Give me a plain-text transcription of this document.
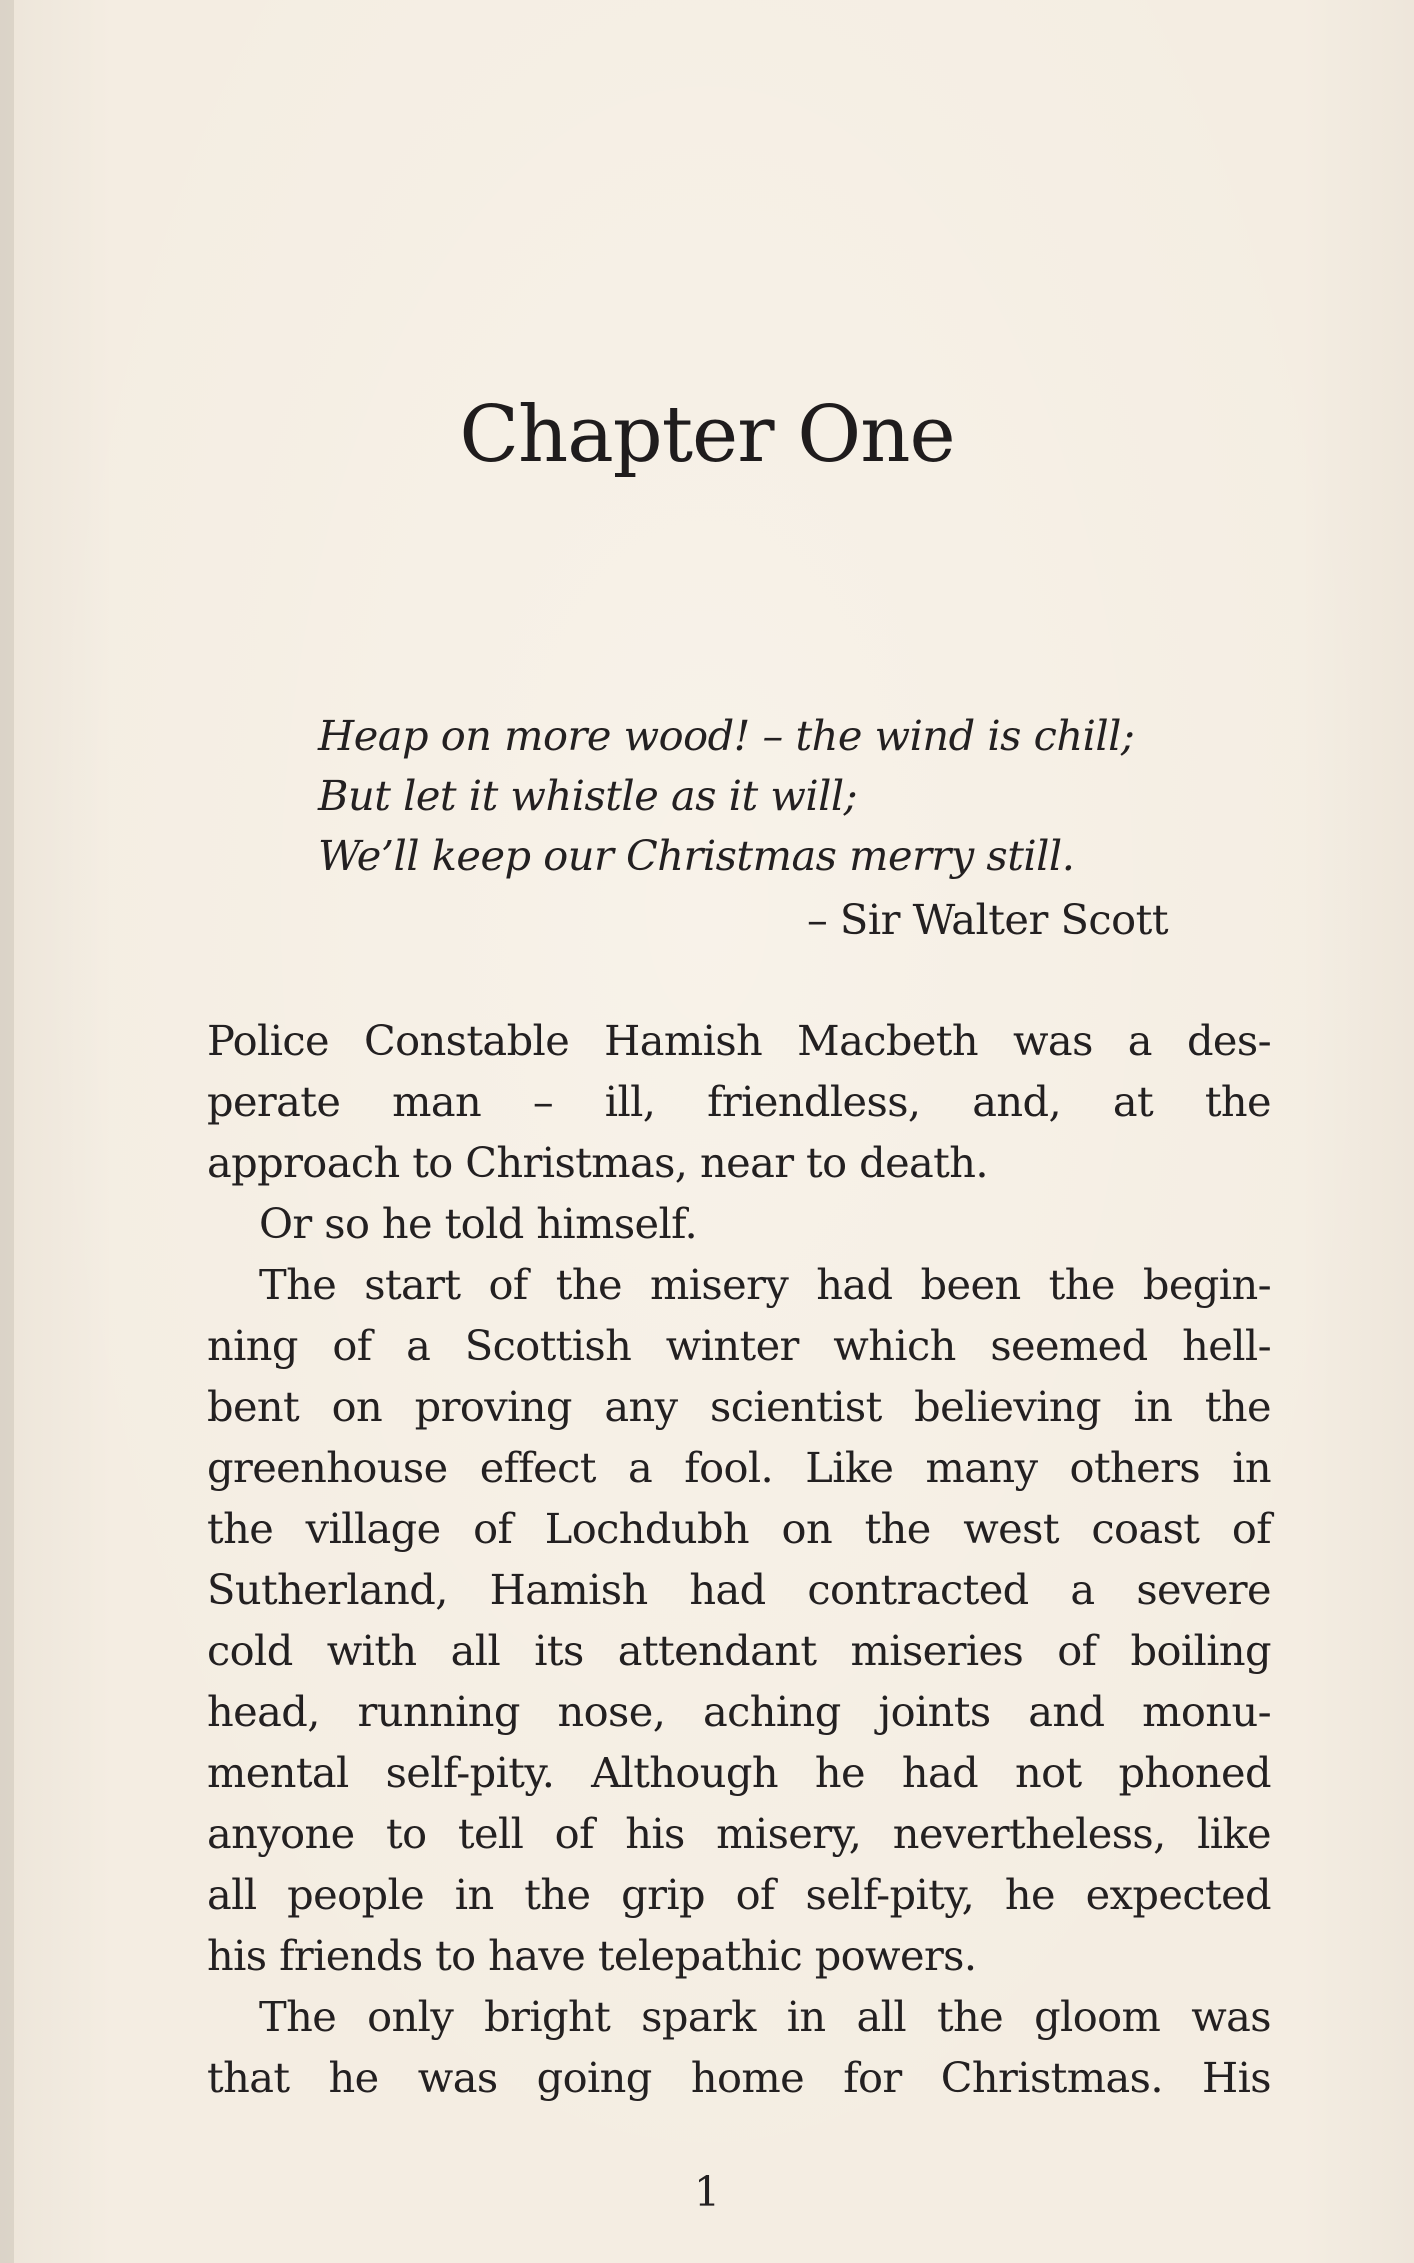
Chapter One
Heap on more wood! – the wind is chill;
But let it whistle as it will;
We’ll keep our Christmas merry still.
– Sir Walter Scott
Police Constable Hamish Macbeth was a des-
perate man – ill, friendless, and, at the
approach to Christmas, near to death.
Or so he told himself.
The start of the misery had been the begin-
ning of a Scottish winter which seemed hell-
bent on proving any scientist believing in the
greenhouse effect a fool. Like many others in
the village of Lochdubh on the west coast of
Sutherland, Hamish had contracted a severe
cold with all its attendant miseries of boiling
head, running nose, aching joints and monu-
mental self-pity. Although he had not phoned
anyone to tell of his misery, nevertheless, like
all people in the grip of self-pity, he expected
his friends to have telepathic powers.
The only bright spark in all the gloom was
that he was going home for Christmas. His
1
